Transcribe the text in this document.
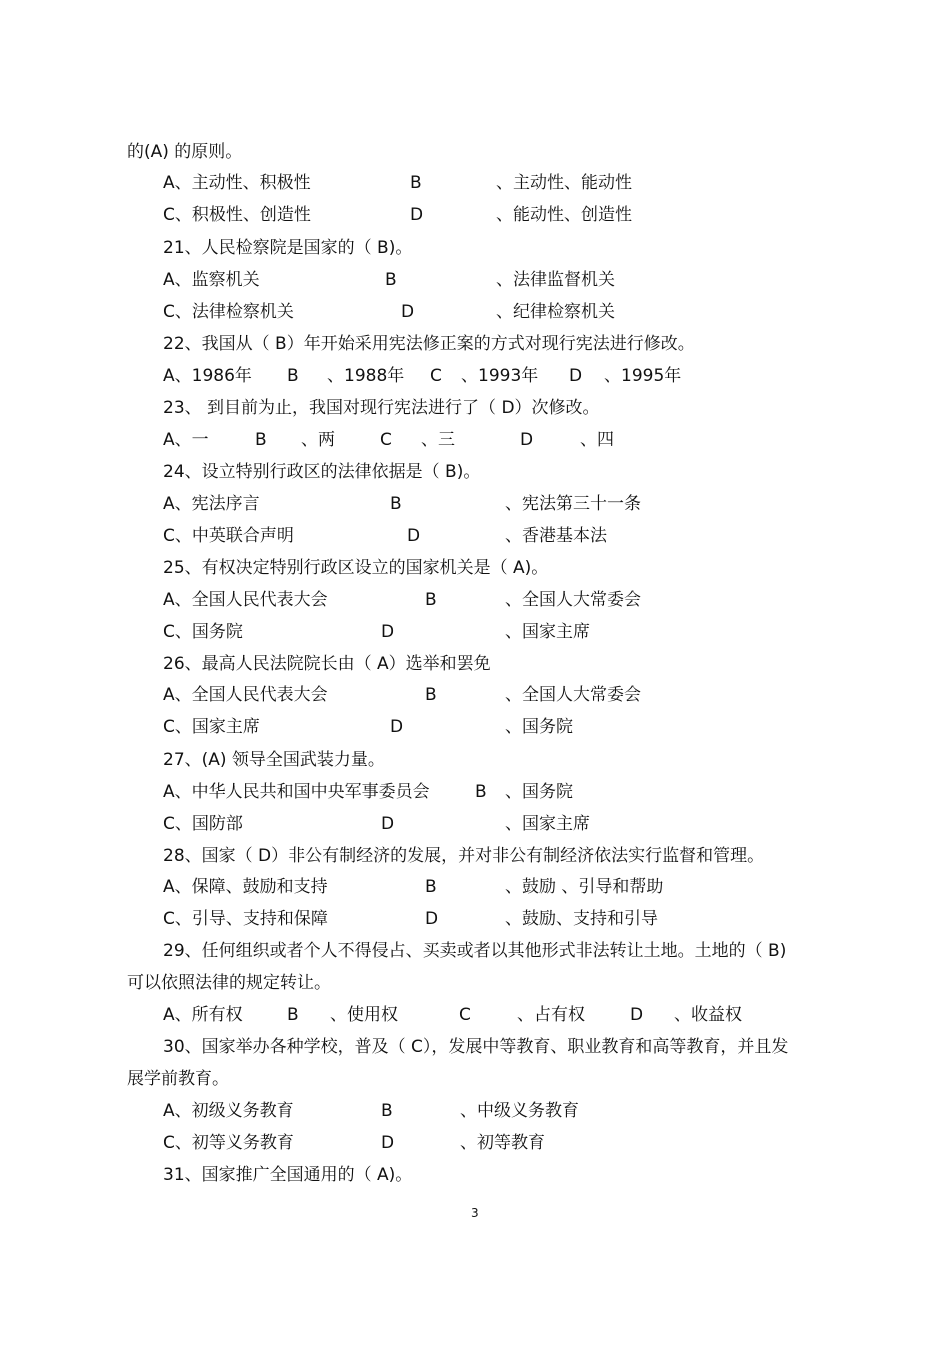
的(A) 的原则。
A、主动性、积极性	B	、主动性、能动性
C、积极性、创造性	D	、能动性、创造性
21、人民检察院是国家的（ B)。
A、监察机关	B	、法律监督机关
C、法律检察机关	D	、纪律检察机关
22、我国从（ B）年开始采用宪法修正案的方式对现行宪法进行修改。
A、1986年 B 、1988年 C 、1993年 D 、1995年
23、 到目前为止，我国对现行宪法进行了（ D）次修改。
A、一	B 、两	C 、三	D	、四
24、设立特别行政区的法律依据是（ B)。
A、宪法序言	B	、宪法第三十一条
C、中英联合声明	D	、香港基本法
25、有权决定特别行政区设立的国家机关是（ A)。
A、全国人民代表大会	B	、全国人大常委会
C、国务院	D	、国家主席
26、最高人民法院院长由（ A）选举和罢免
A、全国人民代表大会	B	、全国人大常委会
C、国家主席	D	、国务院
27、(A) 领导全国武装力量。
A、中华人民共和国中央军事委员会	B 、国务院
C、国防部	D	、国家主席
28、国家（ D）非公有制经济的发展，并对非公有制经济依法实行监督和管理。
A、保障、鼓励和支持	B	、鼓励 、引导和帮助
C、引导、支持和保障	D	、鼓励、支持和引导
29、任何组织或者个人不得侵占、买卖或者以其他形式非法转让土地。土地的（ B)
可以依照法律的规定转让。
A、所有权	B 、使用权	C	、占有权	D 、收益权
30、国家举办各种学校，普及（ C），发展中等教育、职业教育和高等教育，并且发
展学前教育。
A、初级义务教育	B	、中级义务教育
C、初等义务教育	D	、初等教育
31、国家推广全国通用的（ A)。
3
